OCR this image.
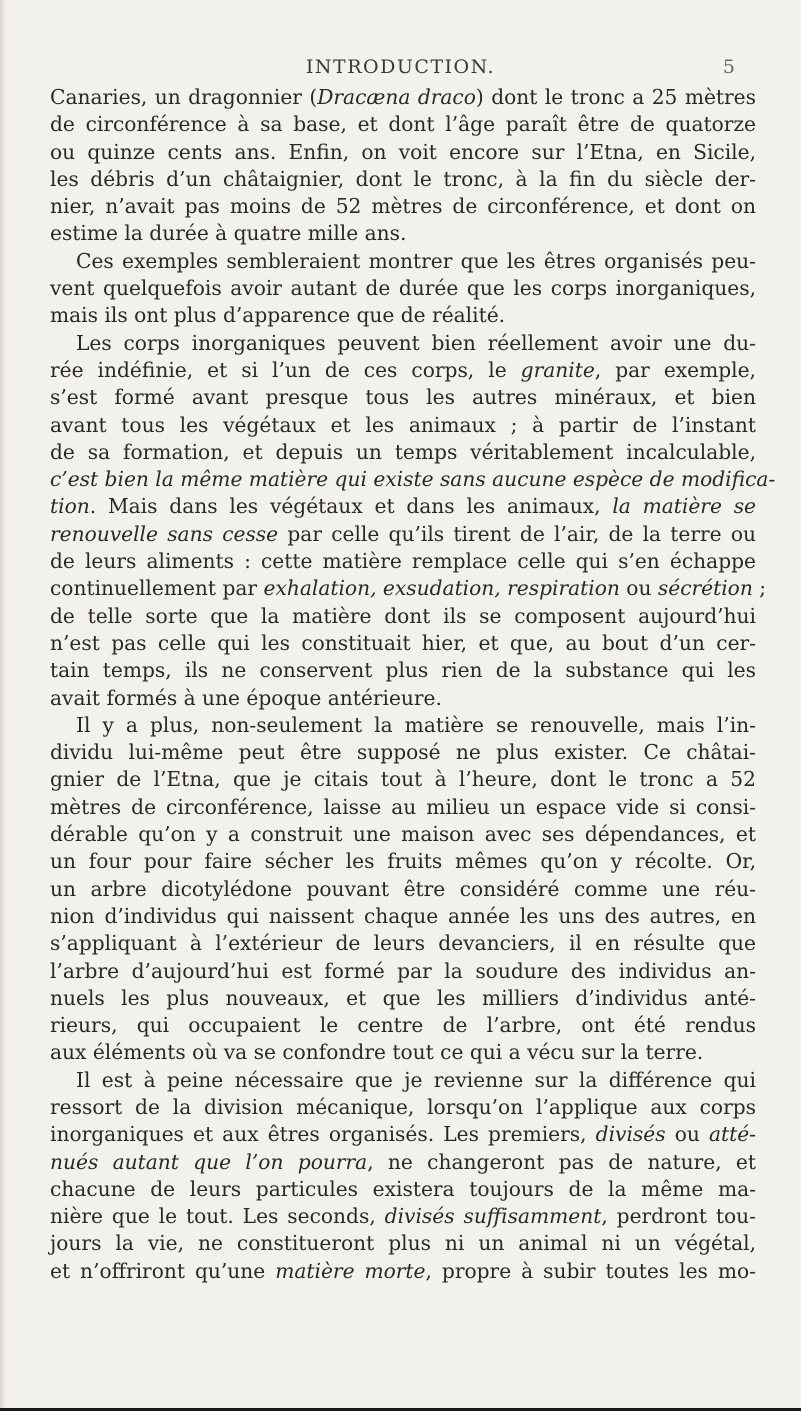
INTRODUCTION.	5

Canaries, un dragonnier (Dracæna draco) dont le tronc a 25 mètres
de circonférence à sa base, et dont l’âge paraît être de quatorze
ou quinze cents ans. Enfin, on voit encore sur l’Etna, en Sicile,
les débris d’un châtaignier, dont le tronc, à la fin du siècle der-
nier, n’avait pas moins de 52 mètres de circonférence, et dont on
estime la durée à quatre mille ans.

Ces exemples sembleraient montrer que les êtres organisés peu-
vent quelquefois avoir autant de durée que les corps inorganiques,
mais ils ont plus d’apparence que de réalité.

Les corps inorganiques peuvent bien réellement avoir une du-
rée indéfinie, et si l’un de ces corps, le granite, par exemple,
s’est formé avant presque tous les autres minéraux, et bien
avant tous les végétaux et les animaux ; à partir de l’instant
de sa formation, et depuis un temps véritablement incalculable,
c’est bien la même matière qui existe sans aucune espèce de modifica-
tion. Mais dans les végétaux et dans les animaux, la matière se
renouvelle sans cesse par celle qu’ils tirent de l’air, de la terre ou
de leurs aliments : cette matière remplace celle qui s’en échappe
continuellement par exhalation, exsudation, respiration ou sécrétion ;
de telle sorte que la matière dont ils se composent aujourd’hui
n’est pas celle qui les constituait hier, et que, au bout d’un cer-
tain temps, ils ne conservent plus rien de la substance qui les
avait formés à une époque antérieure.

Il y a plus, non-seulement la matière se renouvelle, mais l’in-
dividu lui-même peut être supposé ne plus exister. Ce châtai-
gnier de l’Etna, que je citais tout à l’heure, dont le tronc a 52
mètres de circonférence, laisse au milieu un espace vide si consi-
dérable qu’on y a construit une maison avec ses dépendances, et
un four pour faire sécher les fruits mêmes qu’on y récolte. Or,
un arbre dicotylédone pouvant être considéré comme une réu-
nion d’individus qui naissent chaque année les uns des autres, en
s’appliquant à l’extérieur de leurs devanciers, il en résulte que
l’arbre d’aujourd’hui est formé par la soudure des individus an-
nuels les plus nouveaux, et que les milliers d’individus anté-
rieurs, qui occupaient le centre de l’arbre, ont été rendus
aux éléments où va se confondre tout ce qui a vécu sur la terre.

Il est à peine nécessaire que je revienne sur la différence qui
ressort de la division mécanique, lorsqu’on l’applique aux corps
inorganiques et aux êtres organisés. Les premiers, divisés ou atté-
nués autant que l’on pourra, ne changeront pas de nature, et
chacune de leurs particules existera toujours de la même ma-
nière que le tout. Les seconds, divisés suffisamment, perdront tou-
jours la vie, ne constitueront plus ni un animal ni un végétal,
et n’offriront qu’une matière morte, propre à subir toutes les mo-
